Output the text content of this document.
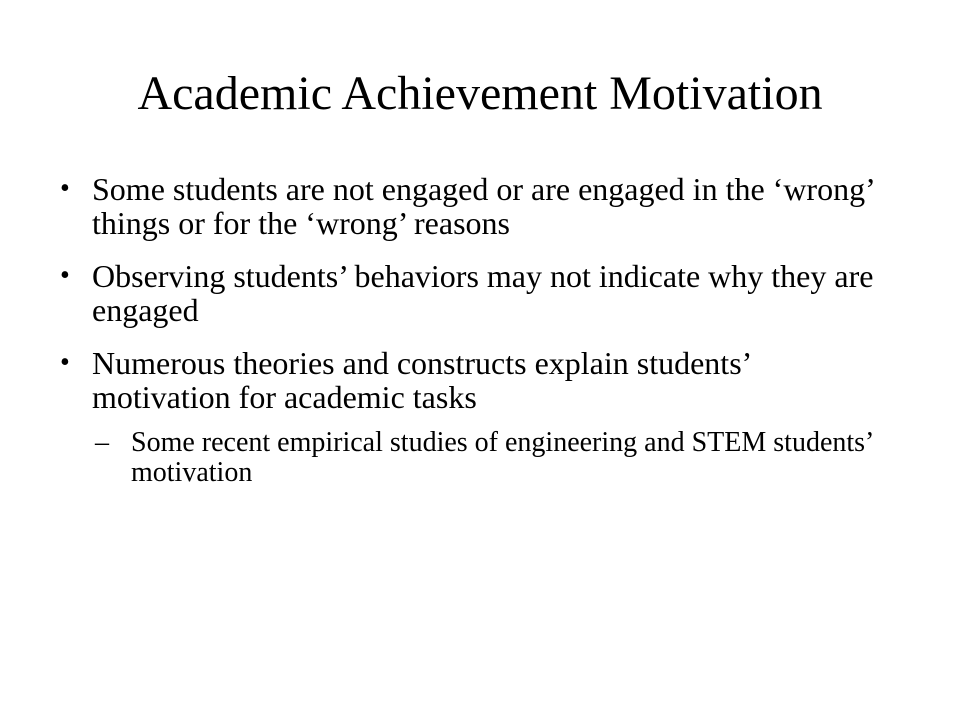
Academic Achievement Motivation
• Some students are not engaged or are engaged in the ‘wrong’ things or for the ‘wrong’ reasons
• Observing students’ behaviors may not indicate why they are engaged
• Numerous theories and constructs explain students’ motivation for academic tasks
– Some recent empirical studies of engineering and STEM students’ motivation
